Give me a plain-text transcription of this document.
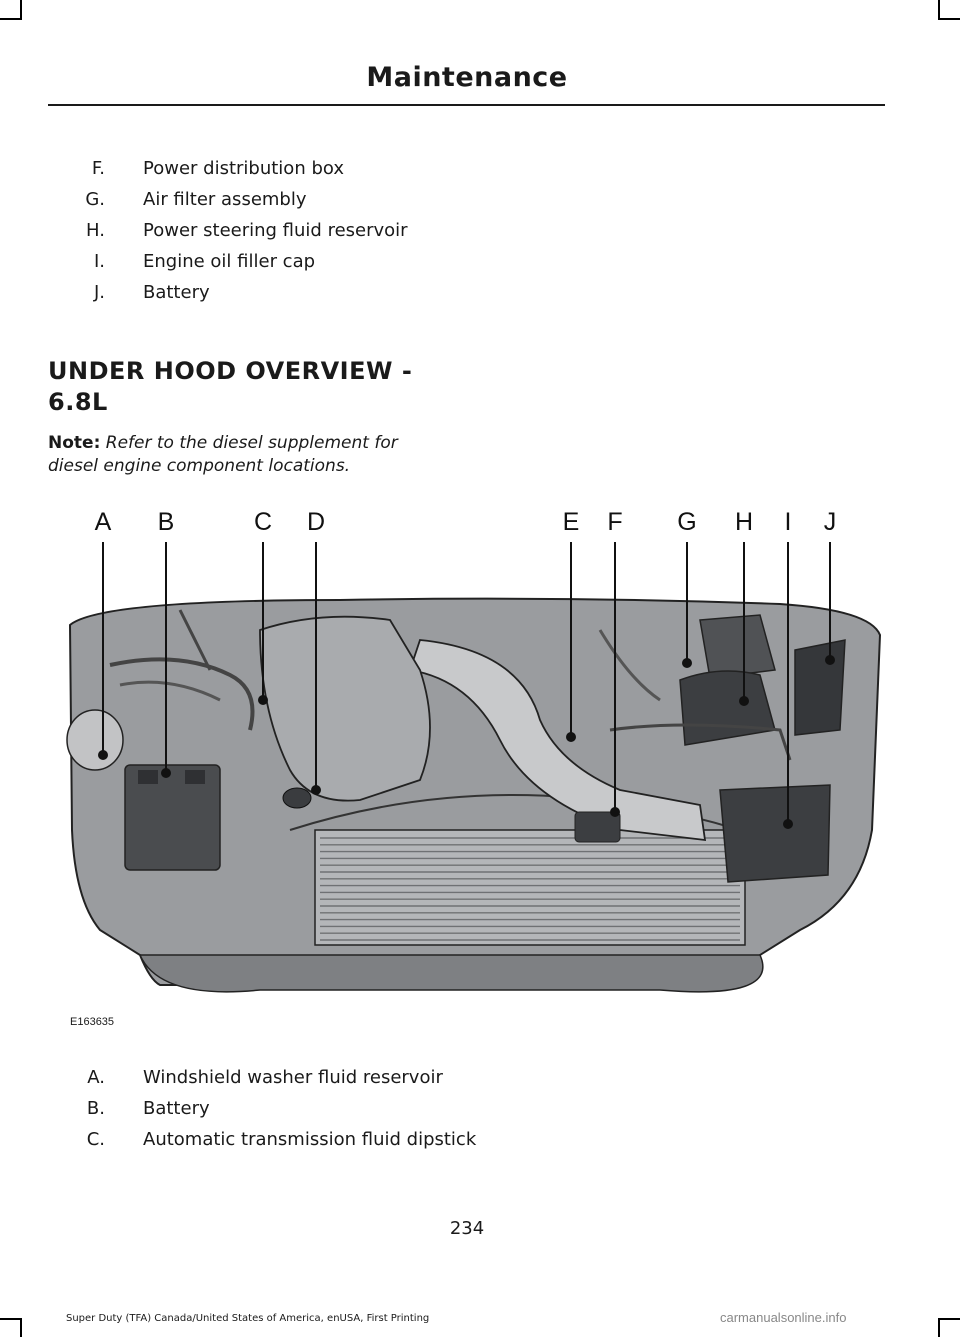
Maintenance
F. Power distribution box
G. Air filter assembly
H. Power steering fluid reservoir
I. Engine oil filler cap
J. Battery
UNDER HOOD OVERVIEW -
6.8L
Note: Refer to the diesel supplement for diesel engine component locations.
A B	C D	E F G H I J
E163635
A. Windshield washer fluid reservoir
B. Battery
C. Automatic transmission fluid dipstick
234
Super Duty (TFA) Canada/United States of America, enUSA, First Printing	carmanualsonline.info
